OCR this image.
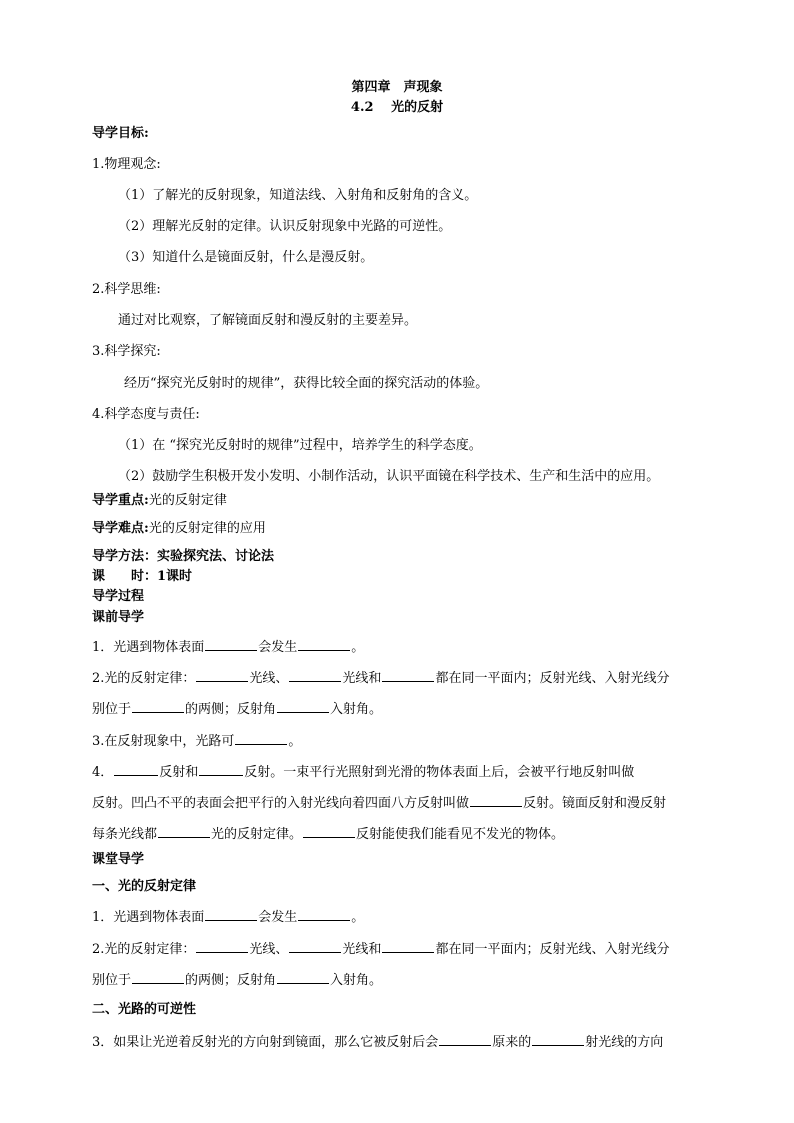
第四章　声现象
4.2　 光的反射
导学目标:
1.物理观念:
（1）了解光的反射现象，知道法线、入射角和反射角的含义。
（2）理解光反射的定律。认识反射现象中光路的可逆性。
（3）知道什么是镜面反射，什么是漫反射。
2.科学思维:
通过对比观察，了解镜面反射和漫反射的主要差异。
3.科学探究:
经历“探究光反射时的规律”，获得比较全面的探究活动的体验。
4.科学态度与责任:
（1）在 “探究光反射时的规律”过程中，培养学生的科学态度。
（2）鼓励学生积极开发小发明、小制作活动，认识平面镜在科学技术、生产和生活中的应用。
导学重点:光的反射定律
导学难点:光的反射定律的应用
导学方法：实验探究法、讨论法
课　　时：1课时
导学过程
课前导学
1．光遇到物体表面	会发生	。
2.光的反射定律：	光线、	光线和	都在同一平面内；反射光线、入射光线分
别位于	的两侧；反射角	入射角。
3.在反射现象中，光路可	。
4．	反射和	反射。一束平行光照射到光滑的物体表面上后，会被平行地反射叫做
反射。凹凸不平的表面会把平行的入射光线向着四面八方反射叫做	反射。镜面反射和漫反射
每条光线都	光的反射定律。	反射能使我们能看见不发光的物体。
课堂导学
一、光的反射定律
1．光遇到物体表面	会发生	。
2.光的反射定律：	光线、	光线和	都在同一平面内；反射光线、入射光线分
别位于	的两侧；反射角	入射角。
二、光路的可逆性
3．如果让光逆着反射光的方向射到镜面，那么它被反射后会	原来的	射光线的方向
